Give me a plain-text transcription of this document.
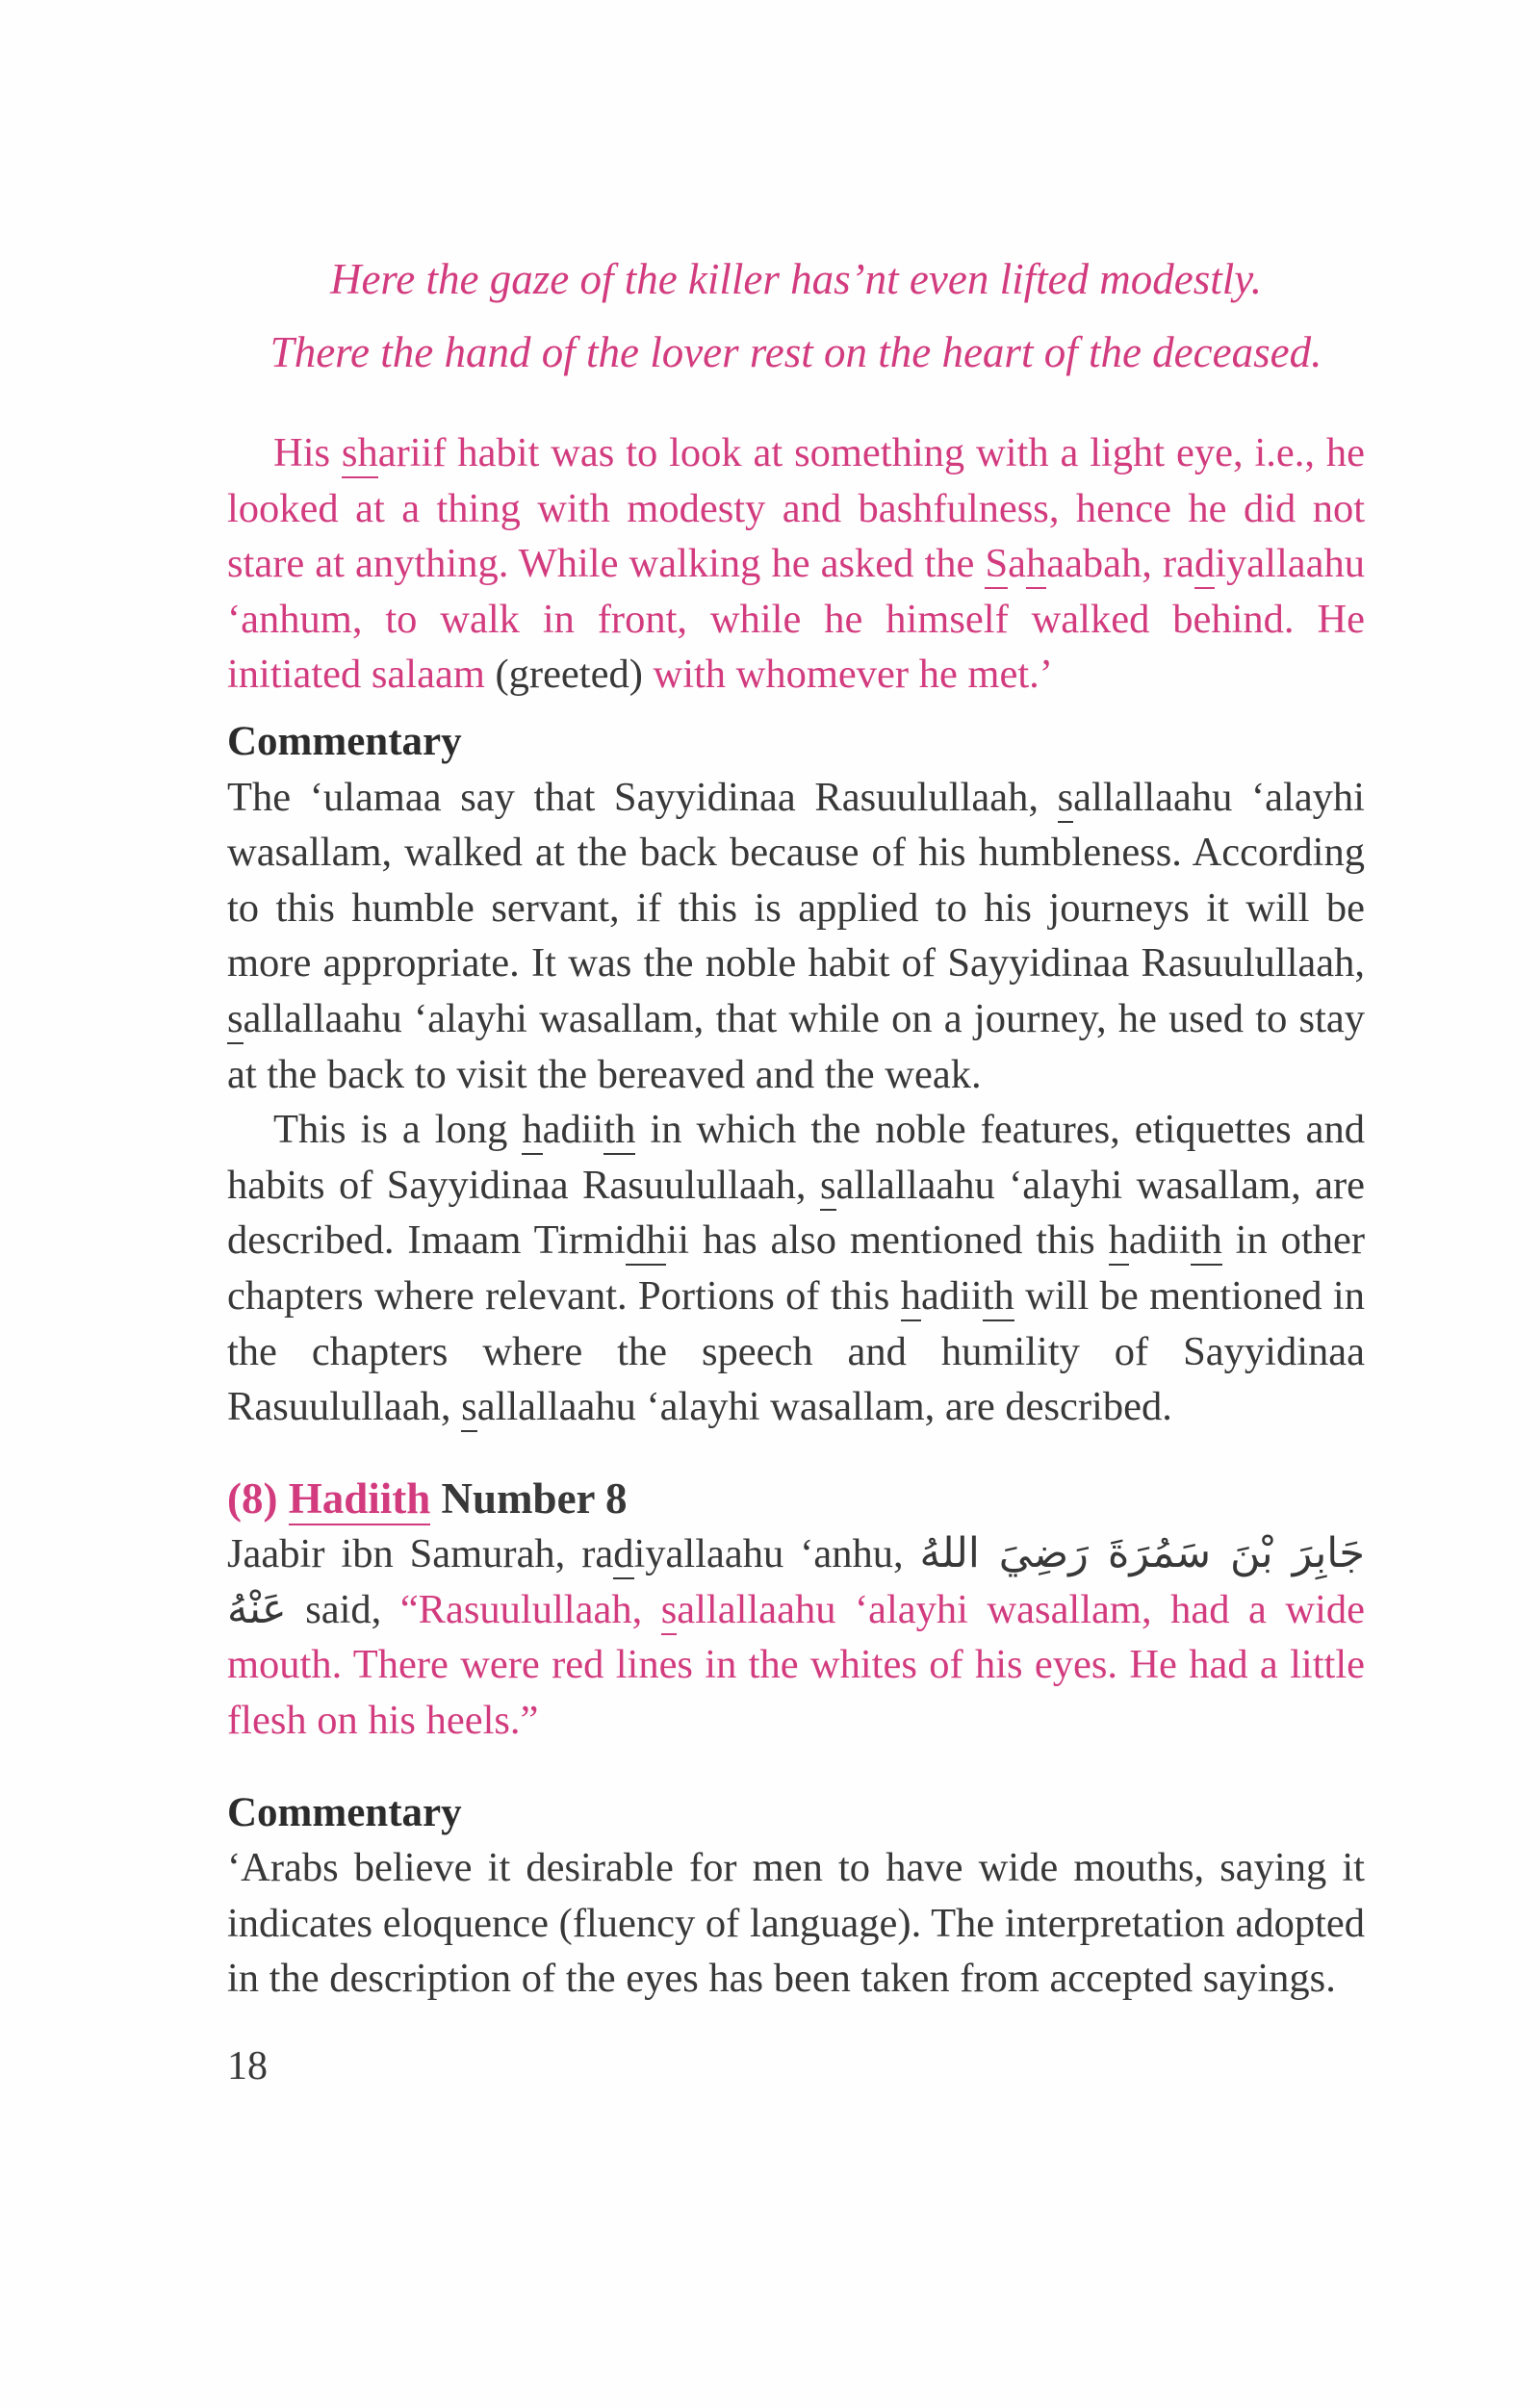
Here the gaze of the killer has’nt even lifted modestly.
There the hand of the lover rest on the heart of the deceased.

His shariif habit was to look at something with a light eye, i.e., he looked at a thing with modesty and bashfulness, hence he did not stare at anything. While walking he asked the Sahaabah, radiyallaahu ‘anhum, to walk in front, while he himself walked behind. He initiated salaam (greeted) with whomever he met.’

Commentary

The ‘ulamaa say that Sayyidinaa Rasuulullaah, sallallaahu ‘alayhi wasallam, walked at the back because of his humbleness. According to this humble servant, if this is applied to his journeys it will be more appropriate. It was the noble habit of Sayyidinaa Rasuulullaah, sallallaahu ‘alayhi wasallam, that while on a journey, he used to stay at the back to visit the bereaved and the weak.

This is a long hadiith in which the noble features, etiquettes and habits of Sayyidinaa Rasuulullaah, sallallaahu ‘alayhi wasallam, are described. Imaam Tirmidhii has also mentioned this hadiith in other chapters where relevant. Portions of this hadiith will be mentioned in the chapters where the speech and humility of Sayyidinaa Rasuulullaah, sallallaahu ‘alayhi wasallam, are described.

(8) Hadiith Number 8

Jaabir ibn Samurah, radiyallaahu ‘anhu, جَابِرَ بْنَ سَمُرَةَ رَضِيَ اللهُ عَنْهُ said, “Rasuulullaah, sallallaahu ‘alayhi wasallam, had a wide mouth. There were red lines in the whites of his eyes. He had a little flesh on his heels.”

Commentary

‘Arabs believe it desirable for men to have wide mouths, saying it indicates eloquence (fluency of language). The interpretation adopted in the description of the eyes has been taken from accepted sayings.

18
